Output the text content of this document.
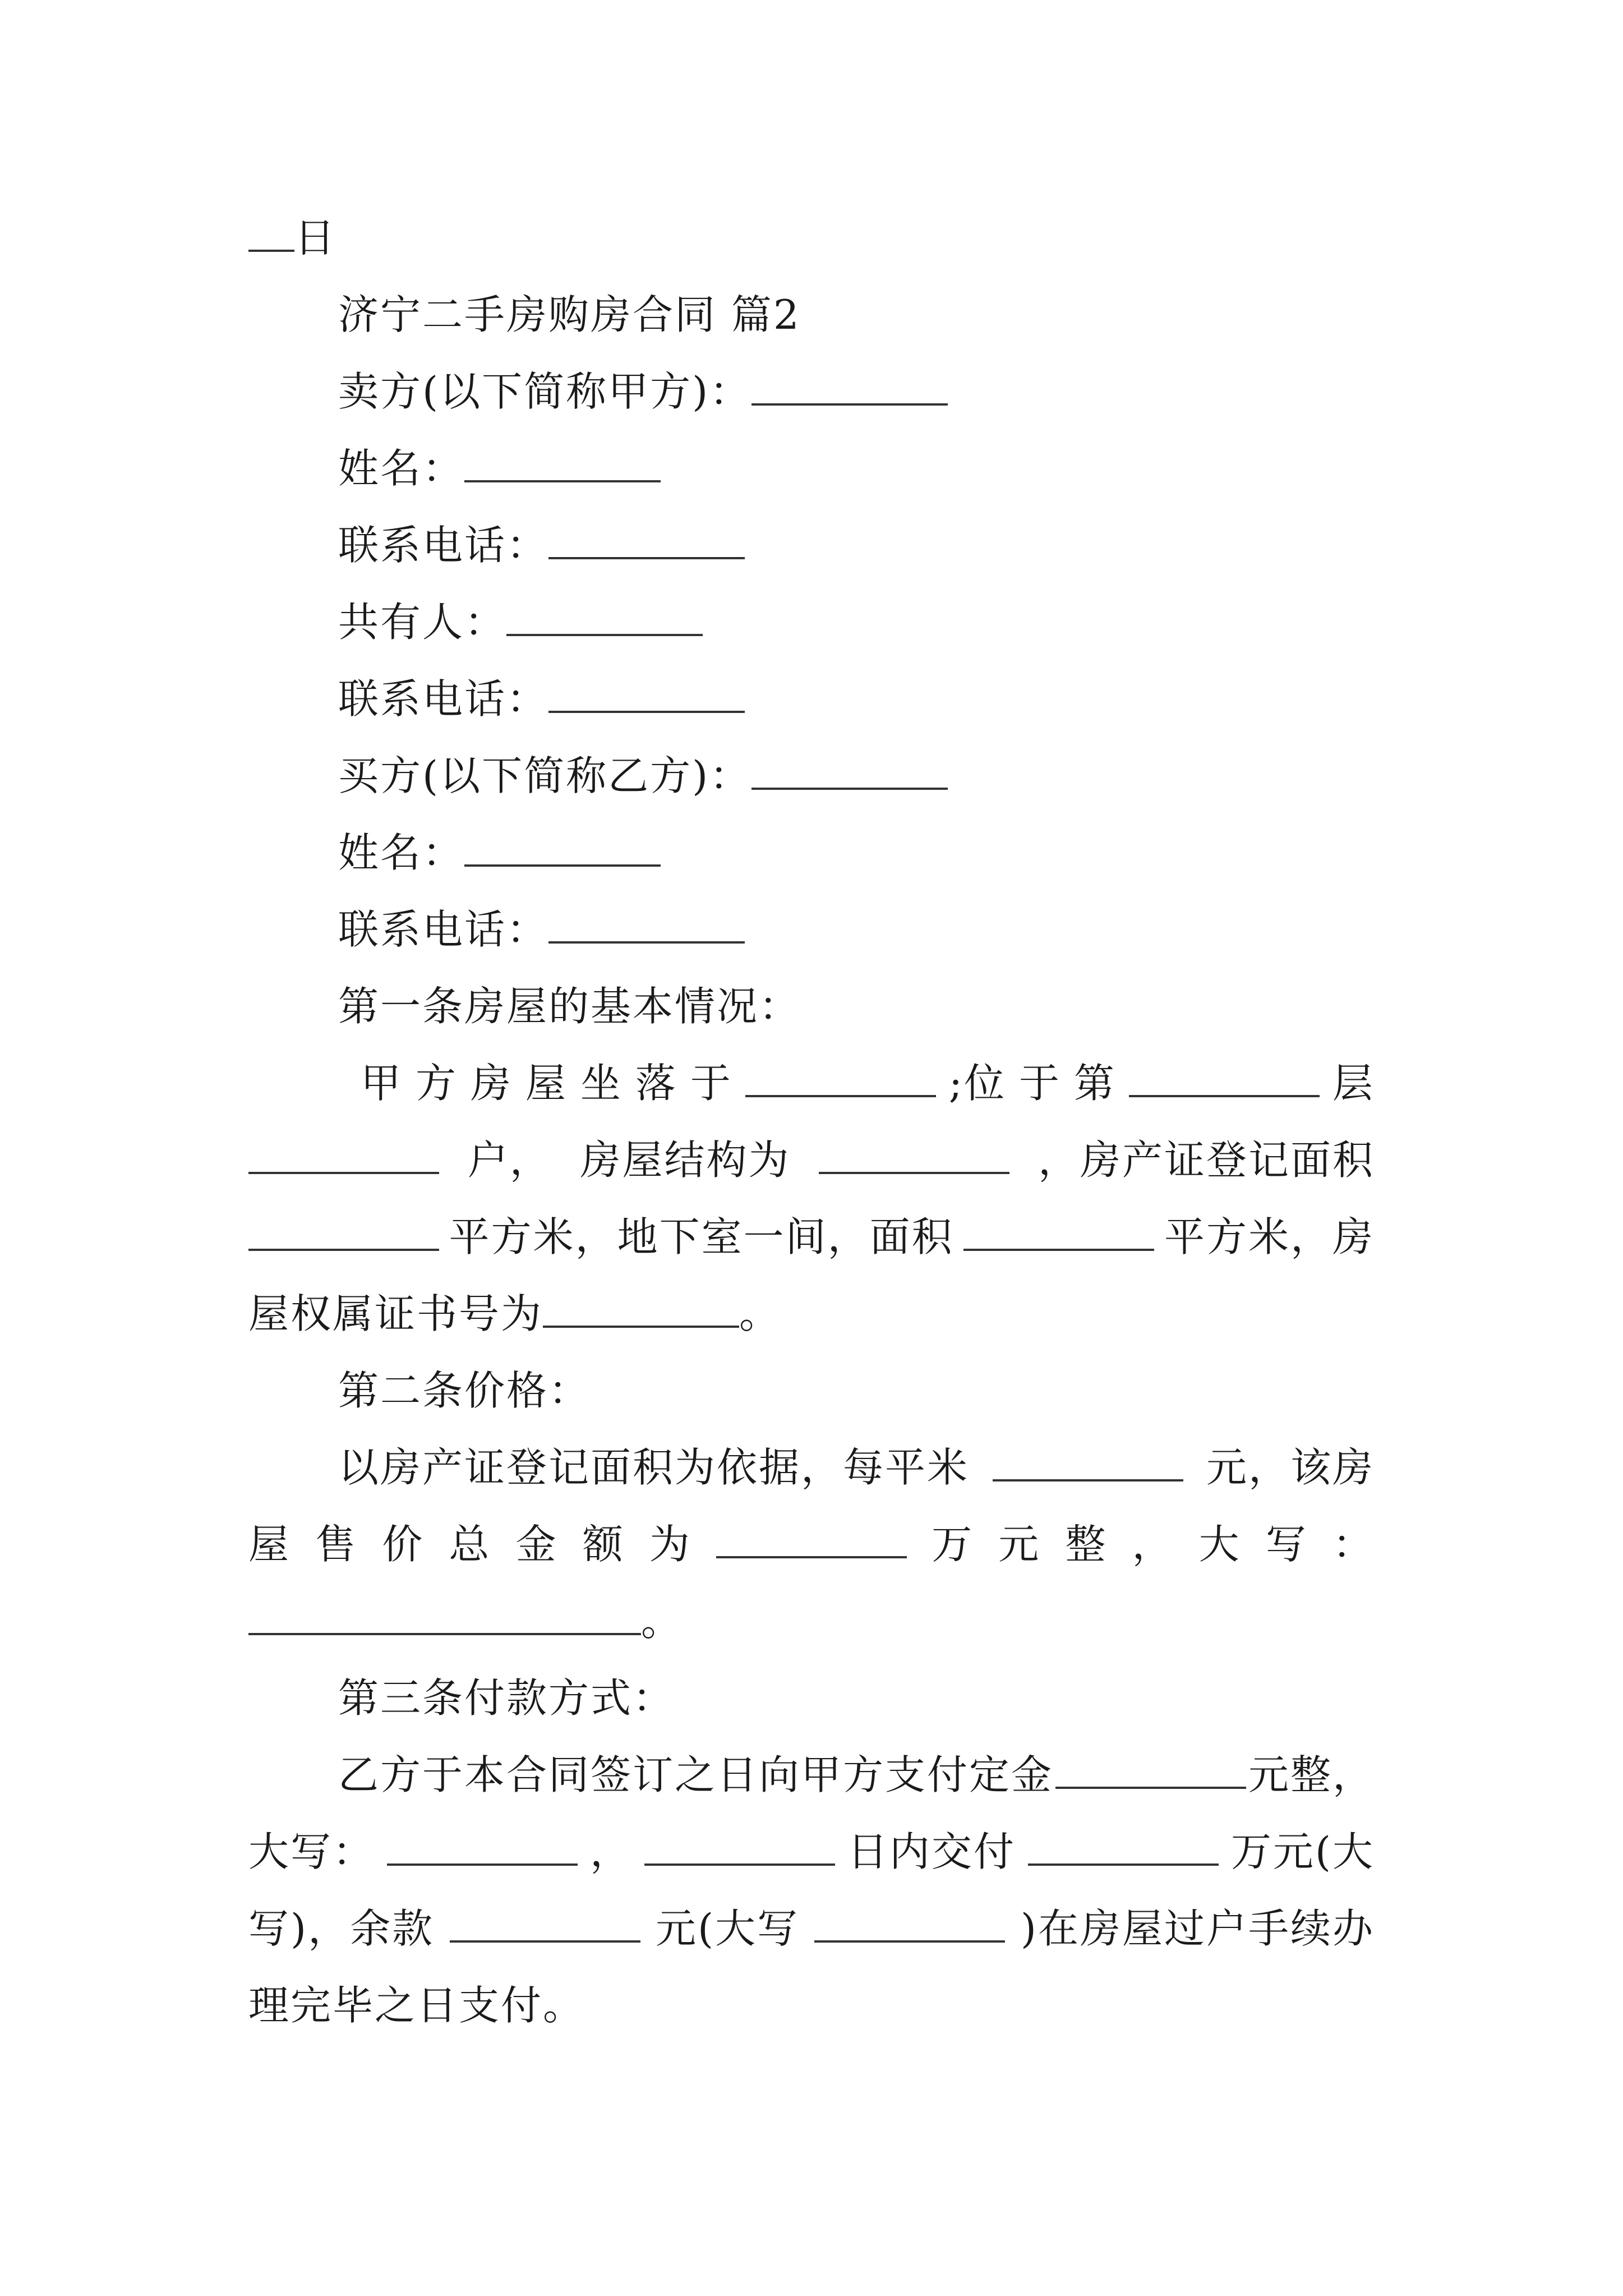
日
济宁二手房购房合同 篇2
卖方(以下简称甲方)：
姓名：
联系电话：
共有人：
联系电话：
买方(以下简称乙方)：
姓名：
联系电话：
第一条房屋的基本情况：
甲 方 房 屋 坐 落 于	;位 于 第	层
户， 房屋结构为	，房产证登记面积
平方米，地下室一间，面积	平方米，房
屋权属证书号为	。
第二条价格：
以房产证登记面积为依据，每平米	元，该房
屋 售 价 总 金 额 为	万 元 整 ， 大 写 ：
。
第三条付款方式：
乙方于本合同签订之日向甲方支付定金	元整，
大写：	，	日内交付	万元(大
写)，余款	元(大写	)在房屋过户手续办
理完毕之日支付。
